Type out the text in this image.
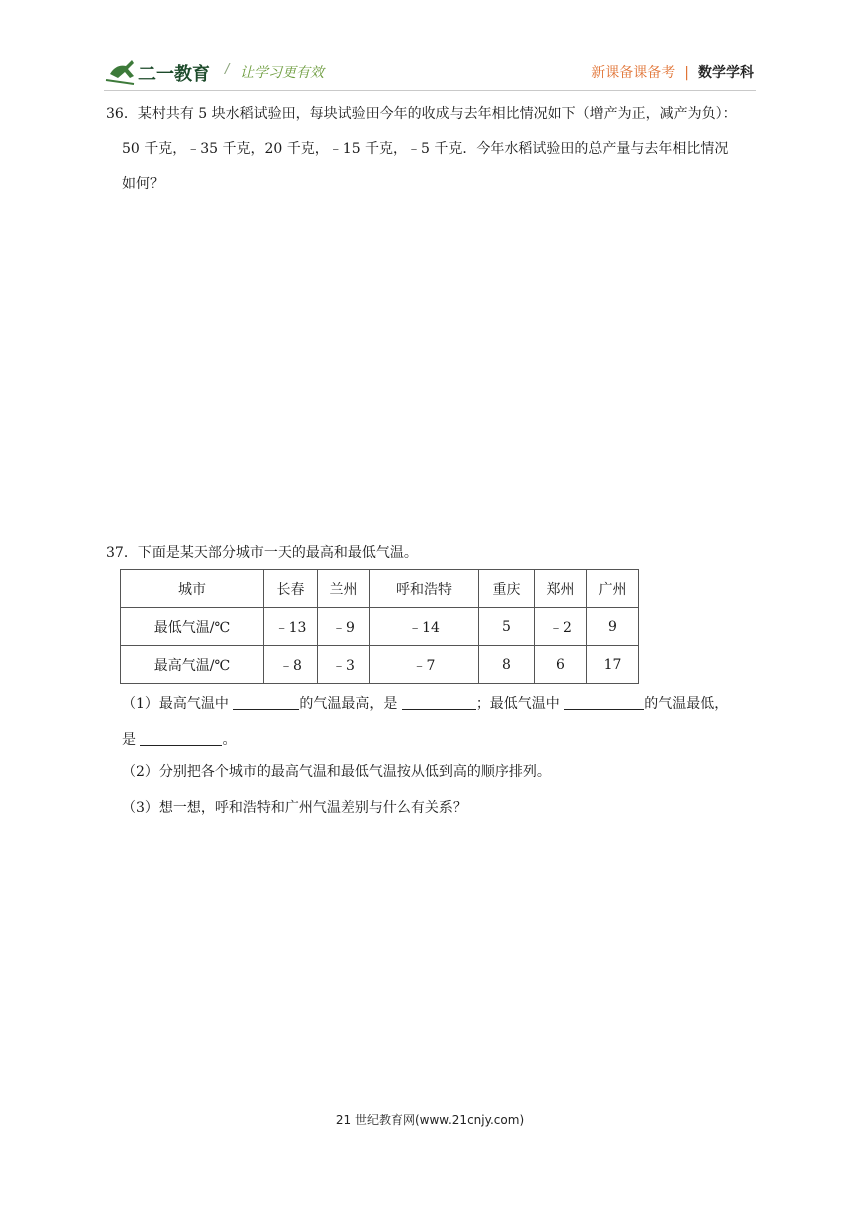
二一教育 / 让学习更有效	新课备课备考 | 数学学科
36．某村共有 5 块水稻试验田，每块试验田今年的收成与去年相比情况如下（增产为正，减产为负）：
50 千克，﹣35 千克，20 千克，﹣15 千克，﹣5 千克．今年水稻试验田的总产量与去年相比情况
如何？
37．下面是某天部分城市一天的最高和最低气温。
城市	长春	兰州	呼和浩特	重庆	郑州	广州
最低气温/℃	﹣13	﹣9	﹣14	5	﹣2	9
最高气温/℃	﹣8	﹣3	﹣7	8	6	17
（1）最高气温中	的气温最高，是	；最低气温中	的气温最低，
是	。
（2）分别把各个城市的最高气温和最低气温按从低到高的顺序排列。
（3）想一想，呼和浩特和广州气温差别与什么有关系？
21 世纪教育网(www.21cnjy.com)
